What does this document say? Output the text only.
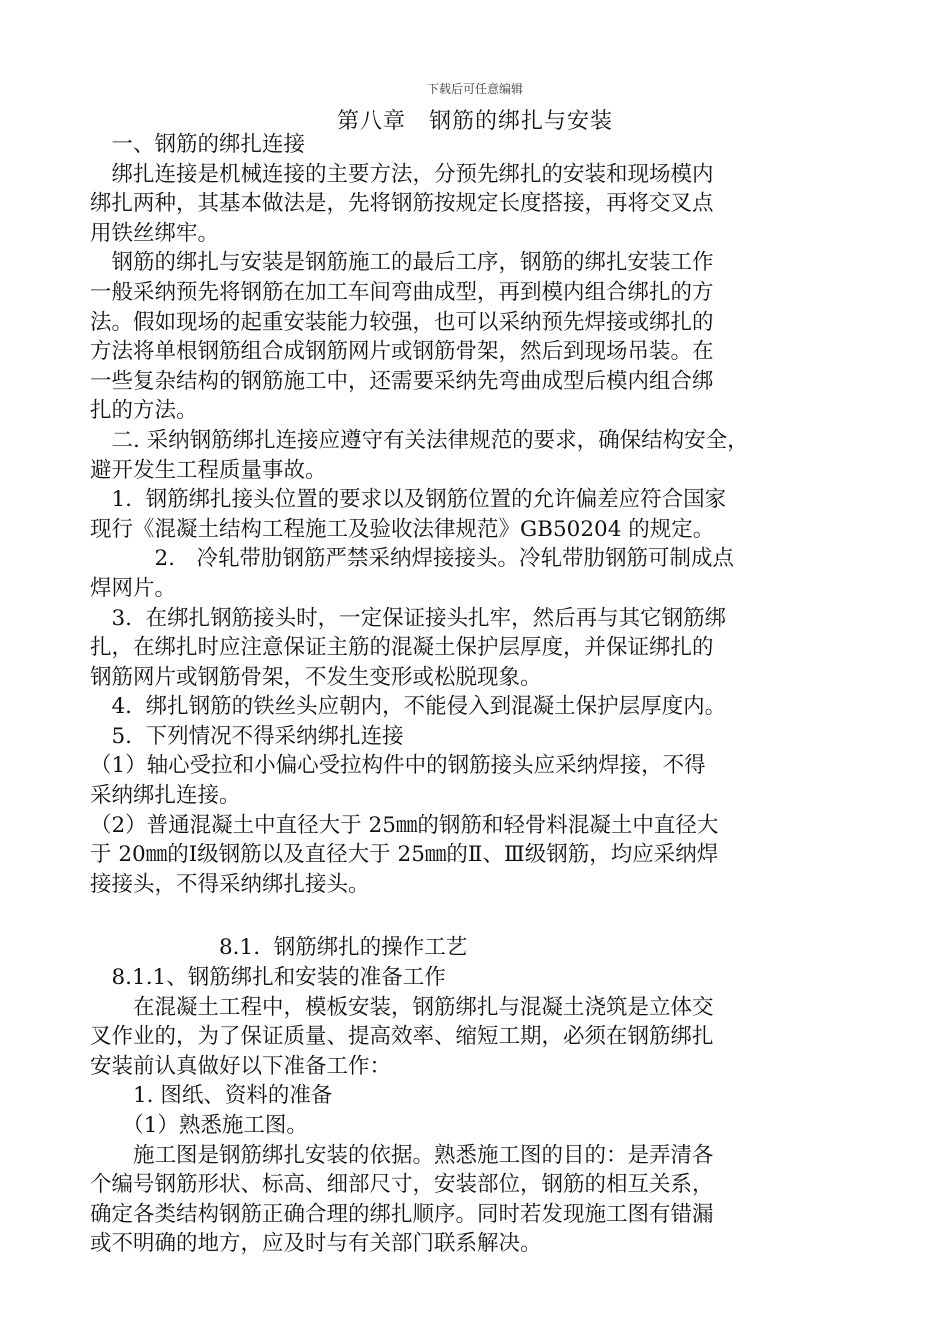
下载后可任意编辑
第八章　钢筋的绑扎与安装

　一、钢筋的绑扎连接

　绑扎连接是机械连接的主要方法，分预先绑扎的安装和现场模内

绑扎两种，其基本做法是，先将钢筋按规定长度搭接，再将交叉点

用铁丝绑牢。

　钢筋的绑扎与安装是钢筋施工的最后工序，钢筋的绑扎安装工作

一般采纳预先将钢筋在加工车间弯曲成型，再到模内组合绑扎的方

法。假如现场的起重安装能力较强，也可以采纳预先焊接或绑扎的

方法将单根钢筋组合成钢筋网片或钢筋骨架，然后到现场吊装。在

一些复杂结构的钢筋施工中，还需要采纳先弯曲成型后模内组合绑

扎的方法。

　二. 采纳钢筋绑扎连接应遵守有关法律规范的要求，确保结构安全，

避开发生工程质量事故。

　1.  钢筋绑扎接头位置的要求以及钢筋位置的允许偏差应符合国家

现行《混凝土结构工程施工及验收法律规范》GB50204 的规定。

　　　2.　冷轧带肋钢筋严禁采纳焊接接头。冷轧带肋钢筋可制成点

焊网片。

　3.  在绑扎钢筋接头时，一定保证接头扎牢，然后再与其它钢筋绑

扎，在绑扎时应注意保证主筋的混凝土保护层厚度，并保证绑扎的

钢筋网片或钢筋骨架，不发生变形或松脱现象。

　4.  绑扎钢筋的铁丝头应朝内，不能侵入到混凝土保护层厚度内。

　5.  下列情况不得采纳绑扎连接

（1）轴心受拉和小偏心受拉构件中的钢筋接头应采纳焊接，不得

采纳绑扎连接。

（2）普通混凝土中直径大于 25㎜的钢筋和轻骨料混凝土中直径大

于 20㎜的Ⅰ级钢筋以及直径大于 25㎜的Ⅱ、Ⅲ级钢筋，均应采纳焊

接接头，不得采纳绑扎接头。

　　　　　　8.1.  钢筋绑扎的操作工艺

　8.1.1、钢筋绑扎和安装的准备工作

　　在混凝土工程中，模板安装，钢筋绑扎与混凝土浇筑是立体交

叉作业的，为了保证质量、提高效率、缩短工期，必须在钢筋绑扎

安装前认真做好以下准备工作：

　　1. 图纸、资料的准备

　　（1）熟悉施工图。

　　施工图是钢筋绑扎安装的依据。熟悉施工图的目的：是弄清各

个编号钢筋形状、标高、细部尺寸，安装部位，钢筋的相互关系，

确定各类结构钢筋正确合理的绑扎顺序。同时若发现施工图有错漏

或不明确的地方，应及时与有关部门联系解决。
